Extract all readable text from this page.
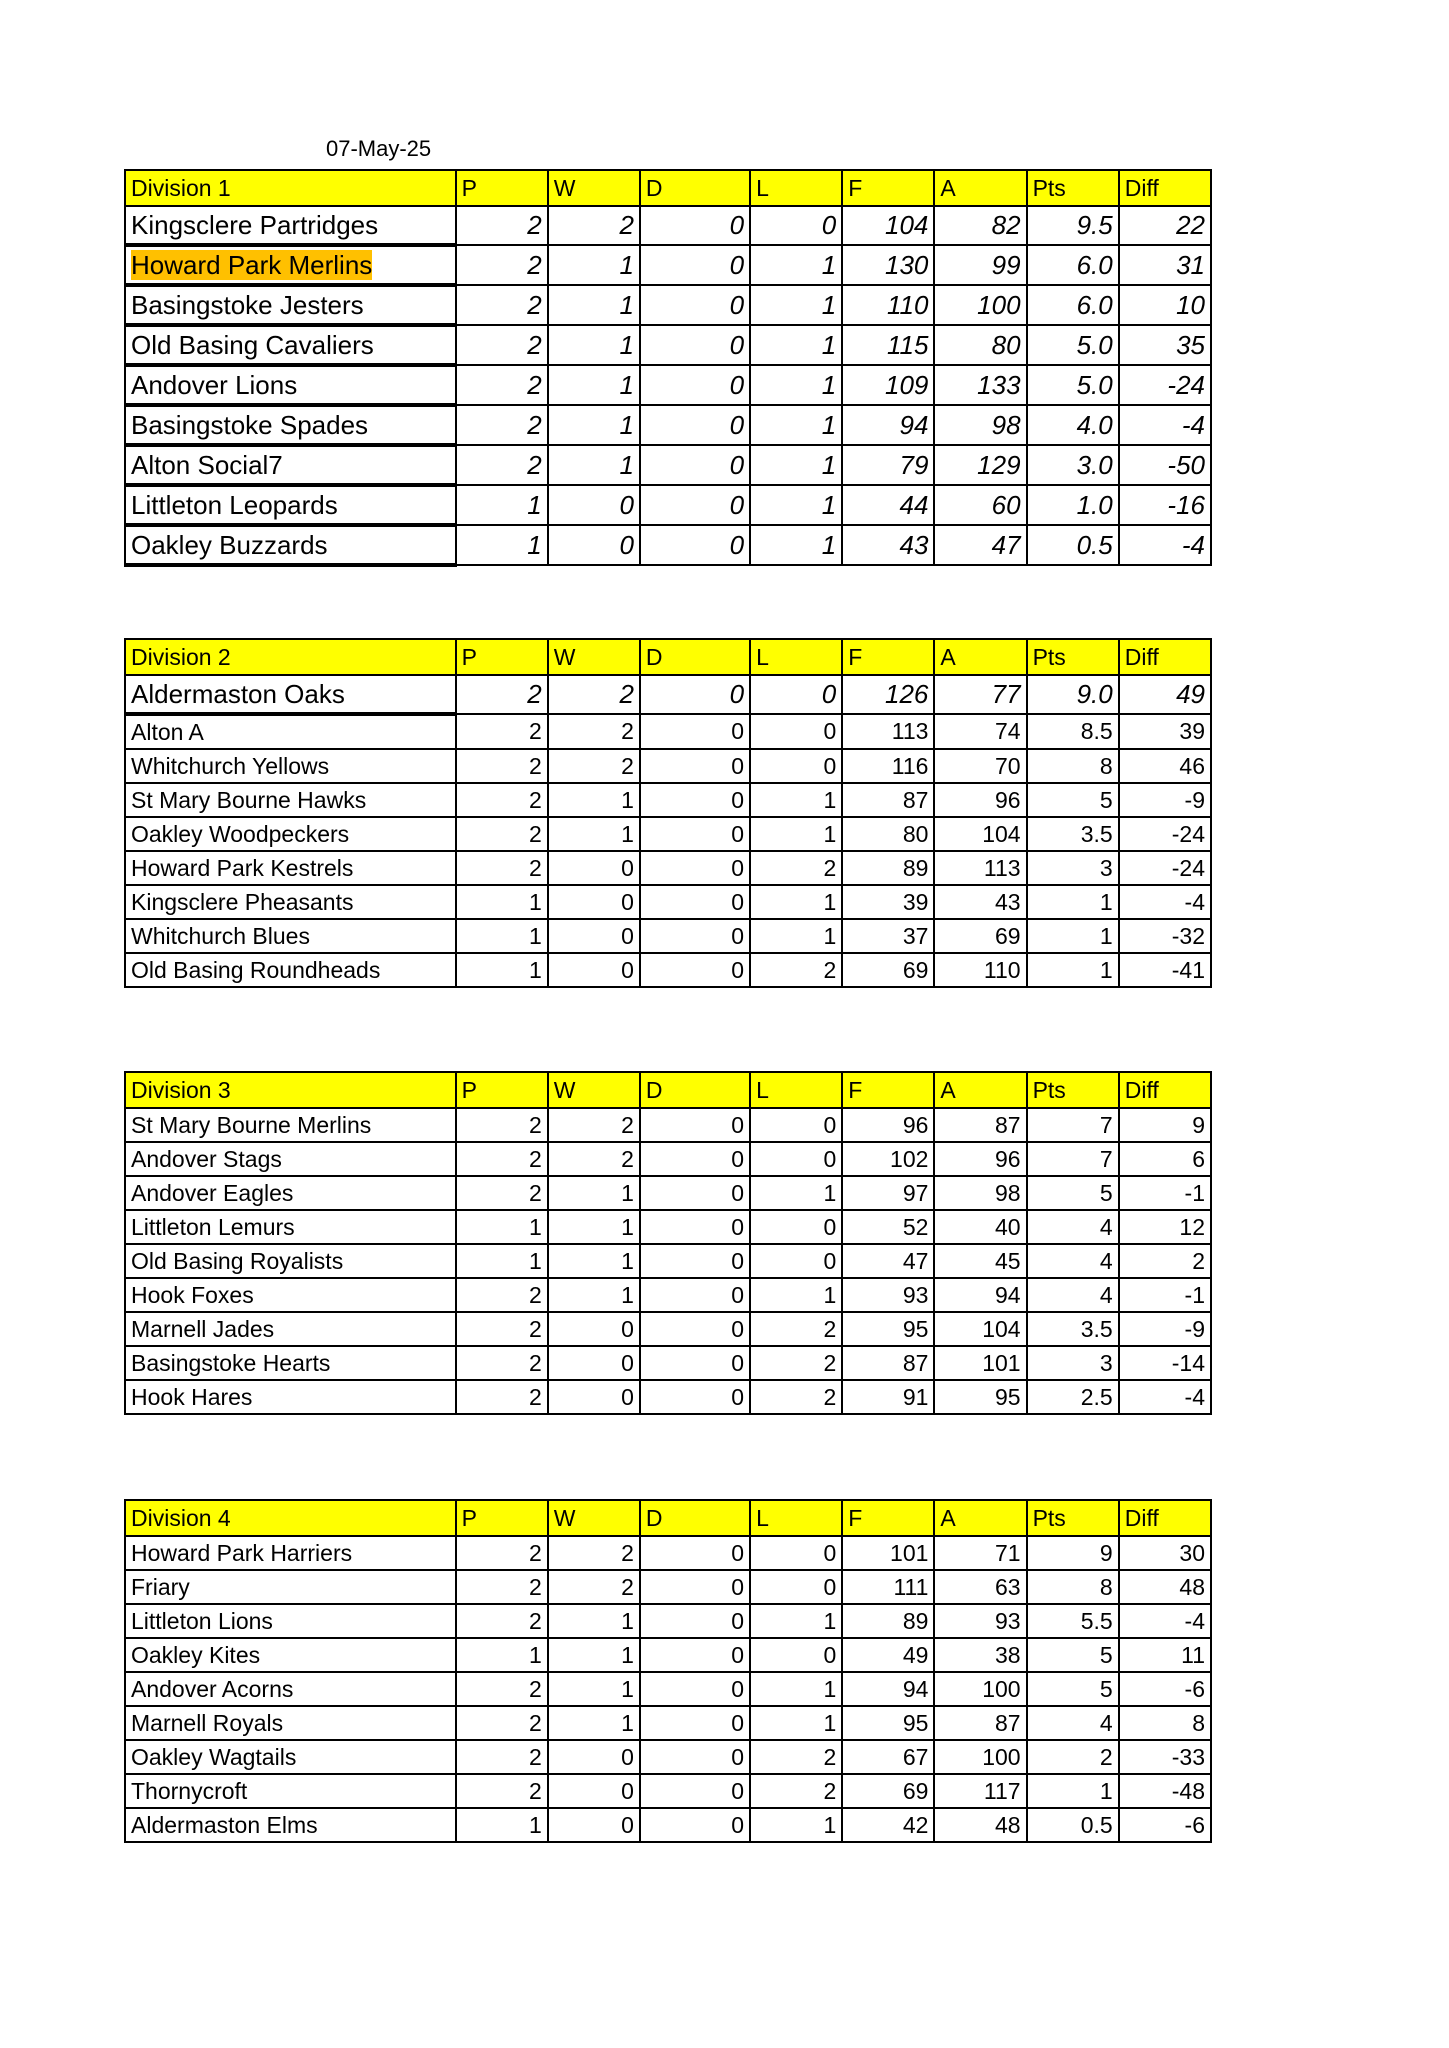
07-May-25
Division 1	P	W	D	L	F	A	Pts	Diff
Kingsclere Partridges	2	2	0	0	104	82	9.5	22
Howard Park Merlins	2	1	0	1	130	99	6.0	31
Basingstoke Jesters	2	1	0	1	110	100	6.0	10
Old Basing Cavaliers	2	1	0	1	115	80	5.0	35
Andover Lions	2	1	0	1	109	133	5.0	-24
Basingstoke Spades	2	1	0	1	94	98	4.0	-4
Alton Social7	2	1	0	1	79	129	3.0	-50
Littleton Leopards	1	0	0	1	44	60	1.0	-16
Oakley Buzzards	1	0	0	1	43	47	0.5	-4
Division 2	P	W	D	L	F	A	Pts	Diff
Aldermaston Oaks	2	2	0	0	126	77	9.0	49
Alton A	2	2	0	0	113	74	8.5	39
Whitchurch Yellows	2	2	0	0	116	70	8	46
St Mary Bourne Hawks	2	1	0	1	87	96	5	-9
Oakley Woodpeckers	2	1	0	1	80	104	3.5	-24
Howard Park Kestrels	2	0	0	2	89	113	3	-24
Kingsclere Pheasants	1	0	0	1	39	43	1	-4
Whitchurch Blues	1	0	0	1	37	69	1	-32
Old Basing Roundheads	1	0	0	2	69	110	1	-41
Division 3	P	W	D	L	F	A	Pts	Diff
St Mary Bourne Merlins	2	2	0	0	96	87	7	9
Andover Stags	2	2	0	0	102	96	7	6
Andover Eagles	2	1	0	1	97	98	5	-1
Littleton Lemurs	1	1	0	0	52	40	4	12
Old Basing Royalists	1	1	0	0	47	45	4	2
Hook Foxes	2	1	0	1	93	94	4	-1
Marnell Jades	2	0	0	2	95	104	3.5	-9
Basingstoke Hearts	2	0	0	2	87	101	3	-14
Hook Hares	2	0	0	2	91	95	2.5	-4
Division 4	P	W	D	L	F	A	Pts	Diff
Howard Park Harriers	2	2	0	0	101	71	9	30
Friary	2	2	0	0	111	63	8	48
Littleton Lions	2	1	0	1	89	93	5.5	-4
Oakley Kites	1	1	0	0	49	38	5	11
Andover Acorns	2	1	0	1	94	100	5	-6
Marnell Royals	2	1	0	1	95	87	4	8
Oakley Wagtails	2	0	0	2	67	100	2	-33
Thornycroft	2	0	0	2	69	117	1	-48
Aldermaston Elms	1	0	0	1	42	48	0.5	-6
